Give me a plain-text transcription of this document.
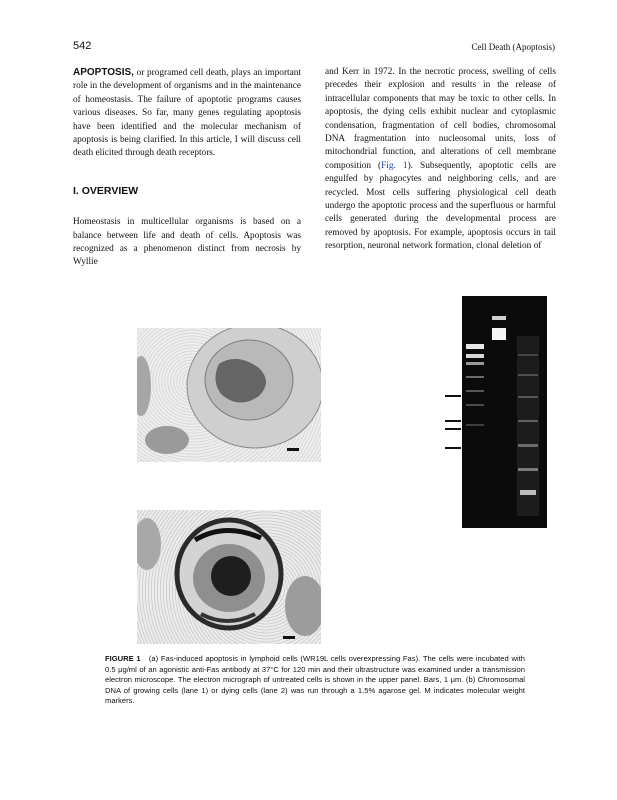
542	Cell Death (Apoptosis)

APOPTOSIS, or programed cell death, plays an important role in the development of organisms and in the maintenance of homeostasis. The failure of apoptotic programs causes various diseases. So far, many genes regulating apoptosis have been identified and the molecular mechanism of apoptosis is being clarified. In this article, I will discuss cell death elicited through death receptors.

I. OVERVIEW

Homeostasis in multicellular organisms is based on a balance between life and death of cells. Apoptosis was recognized as a phenomenon distinct from necrosis by Wyllie

and Kerr in 1972. In the necrotic process, swelling of cells precedes their explosion and results in the release of intracellular components that may be toxic to other cells. In apoptosis, the dying cells exhibit nuclear and cytoplasmic condensation, fragmentation of cell bodies, chromosomal DNA fragmentation into nucleosomal units, loss of mitochondrial function, and alterations of cell membrane composition (Fig. 1). Subsequently, apoptotic cells are engulfed by phagocytes and neighboring cells, and are recycled. Most cells suffering physiological cell death undergo the apoptotic process and the superfluous or harmful cells generated during the developmental process are removed by apoptosis. For example, apoptosis occurs in tail resorption, neuronal network formation, clonal deletion of

FIGURE 1 (a) Fas-induced apoptosis in lymphoid cells (WR19L cells overexpressing Fas). The cells were incubated with 0.5 μg/ml of an agonistic anti-Fas antibody at 37°C for 120 min and their ultrastructure was examined under a transmission electron microscope. The electron micrograph of untreated cells is shown in the upper panel. Bars, 1 μm. (b) Chromosomal DNA of growing cells (lane 1) or dying cells (lane 2) was run through a 1.5% agarose gel. M indicates molecular weight markers.
